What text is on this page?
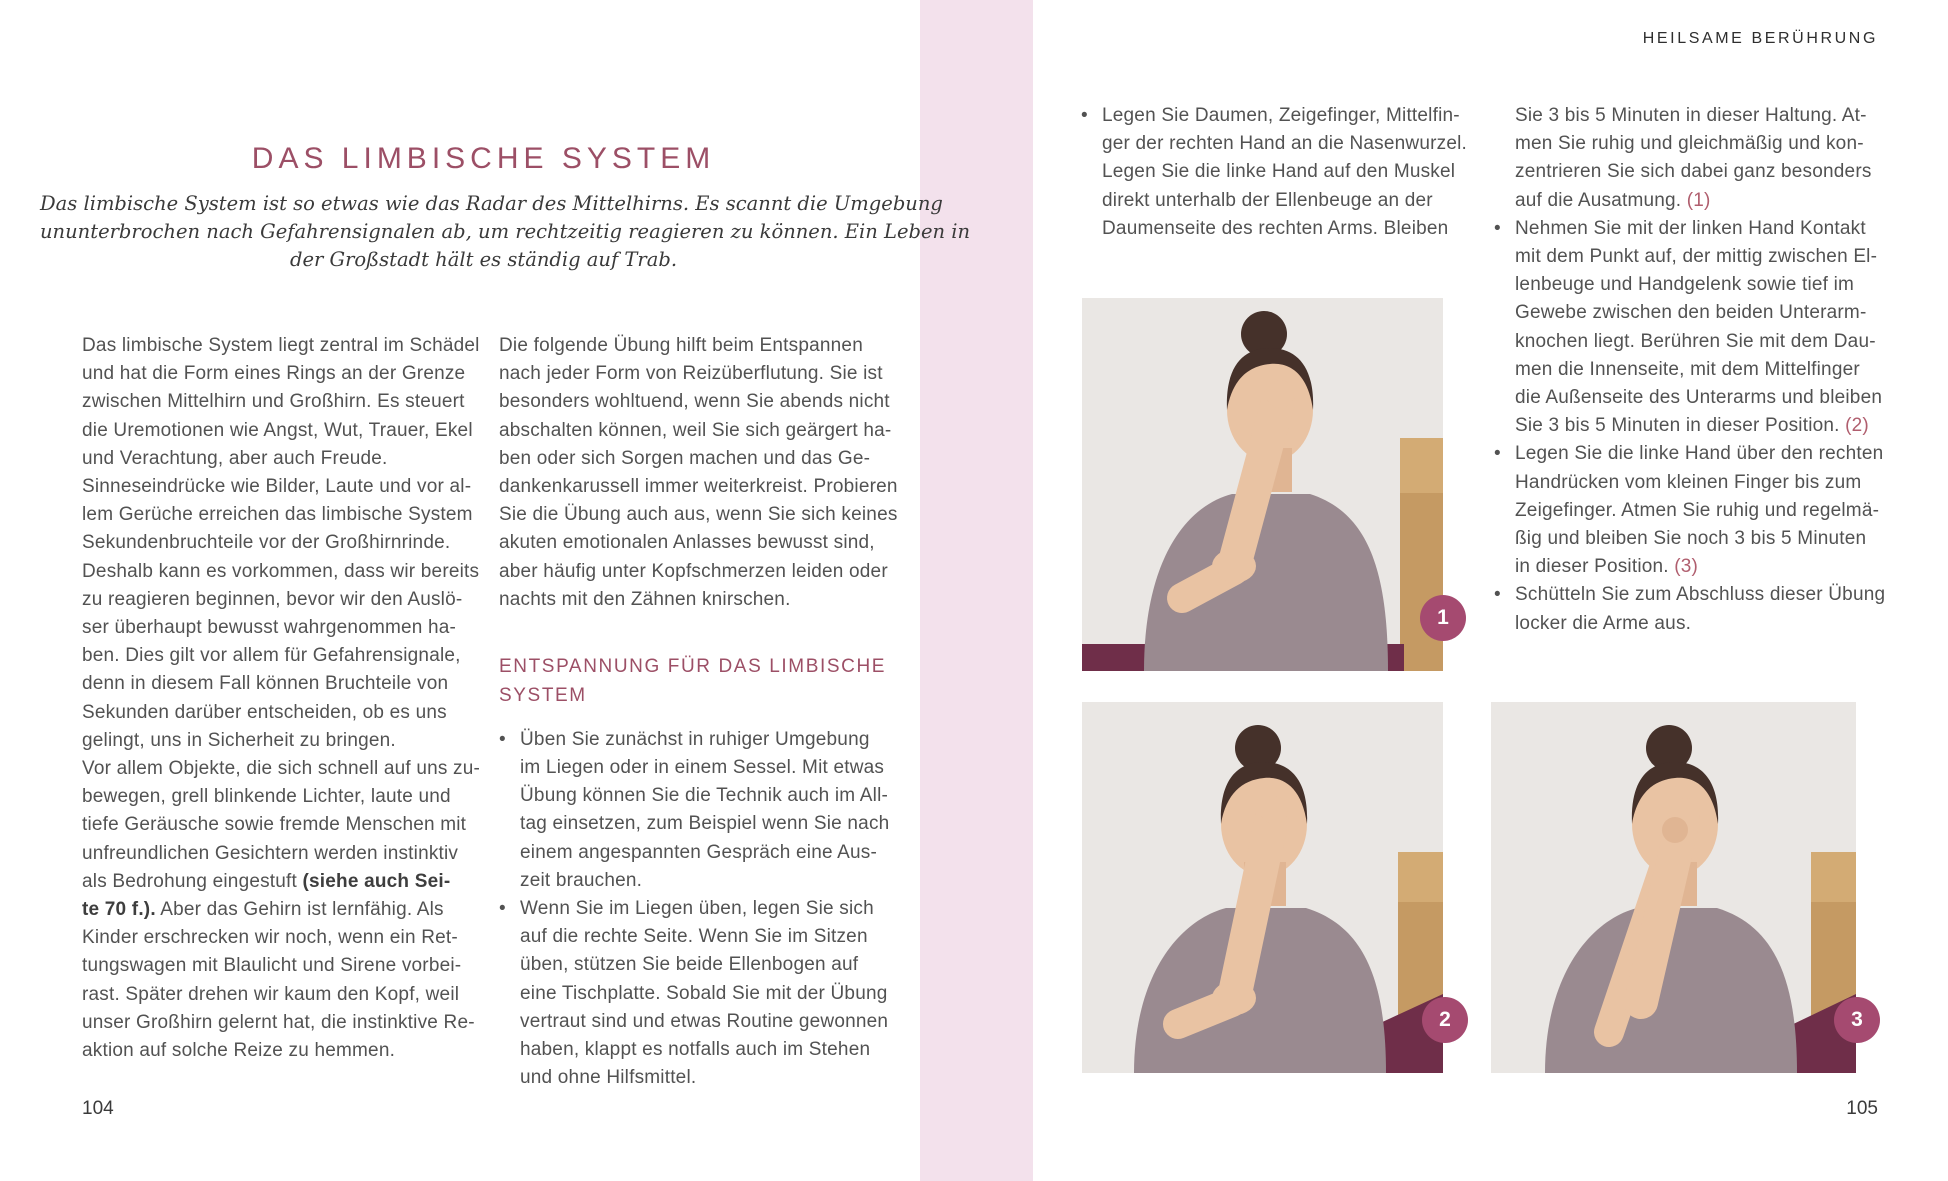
DAS LIMBISCHE SYSTEM
Das limbische System ist so etwas wie das Radar des Mittelhirns. Es scannt die Umgebung
ununterbrochen nach Gefahrensignalen ab, um rechtzeitig reagieren zu können. Ein Leben in
der Großstadt hält es ständig auf Trab.
Das limbische System liegt zentral im Schädel
und hat die Form eines Rings an der Grenze
zwischen Mittelhirn und Großhirn. Es steuert
die Uremotionen wie Angst, Wut, Trauer, Ekel
und Verachtung, aber auch Freude.
Sinneseindrücke wie Bilder, Laute und vor al-
lem Gerüche erreichen das limbische System
Sekundenbruchteile vor der Großhirnrinde.
Deshalb kann es vorkommen, dass wir bereits
zu reagieren beginnen, bevor wir den Auslö-
ser überhaupt bewusst wahrgenommen ha-
ben. Dies gilt vor allem für Gefahrensignale,
denn in diesem Fall können Bruchteile von
Sekunden darüber entscheiden, ob es uns
gelingt, uns in Sicherheit zu bringen.
Vor allem Objekte, die sich schnell auf uns zu-
bewegen, grell blinkende Lichter, laute und
tiefe Geräusche sowie fremde Menschen mit
unfreundlichen Gesichtern werden instinktiv
als Bedrohung eingestuft (siehe auch Sei-
te 70 f.). Aber das Gehirn ist lernfähig. Als
Kinder erschrecken wir noch, wenn ein Ret-
tungswagen mit Blaulicht und Sirene vorbei-
rast. Später drehen wir kaum den Kopf, weil
unser Großhirn gelernt hat, die instinktive Re-
aktion auf solche Reize zu hemmen.
Die folgende Übung hilft beim Entspannen
nach jeder Form von Reizüberflutung. Sie ist
besonders wohltuend, wenn Sie abends nicht
abschalten können, weil Sie sich geärgert ha-
ben oder sich Sorgen machen und das Ge-
dankenkarussell immer weiterkreist. Probieren
Sie die Übung auch aus, wenn Sie sich keines
akuten emotionalen Anlasses bewusst sind,
aber häufig unter Kopfschmerzen leiden oder
nachts mit den Zähnen knirschen.
ENTSPANNUNG FÜR DAS LIMBISCHE
SYSTEM
• Üben Sie zunächst in ruhiger Umgebung
im Liegen oder in einem Sessel. Mit etwas
Übung können Sie die Technik auch im All-
tag einsetzen, zum Beispiel wenn Sie nach
einem angespannten Gespräch eine Aus-
zeit brauchen.
• Wenn Sie im Liegen üben, legen Sie sich
auf die rechte Seite. Wenn Sie im Sitzen
üben, stützen Sie beide Ellenbogen auf
eine Tischplatte. Sobald Sie mit der Übung
vertraut sind und etwas Routine gewonnen
haben, klappt es notfalls auch im Stehen
und ohne Hilfsmittel.
104
HEILSAME BERÜHRUNG
• Legen Sie Daumen, Zeigefinger, Mittelfin-
ger der rechten Hand an die Nasenwurzel.
Legen Sie die linke Hand auf den Muskel
direkt unterhalb der Ellenbeuge an der
Daumenseite des rechten Arms. Bleiben
Sie 3 bis 5 Minuten in dieser Haltung. At-
men Sie ruhig und gleichmäßig und kon-
zentrieren Sie sich dabei ganz besonders
auf die Ausatmung. (1)
• Nehmen Sie mit der linken Hand Kontakt
mit dem Punkt auf, der mittig zwischen El-
lenbeuge und Handgelenk sowie tief im
Gewebe zwischen den beiden Unterarm-
knochen liegt. Berühren Sie mit dem Dau-
men die Innenseite, mit dem Mittelfinger
die Außenseite des Unterarms und bleiben
Sie 3 bis 5 Minuten in dieser Position. (2)
• Legen Sie die linke Hand über den rechten
Handrücken vom kleinen Finger bis zum
Zeigefinger. Atmen Sie ruhig und regelmä-
ßig und bleiben Sie noch 3 bis 5 Minuten
in dieser Position. (3)
• Schütteln Sie zum Abschluss dieser Übung
locker die Arme aus.
1
2	3
105
